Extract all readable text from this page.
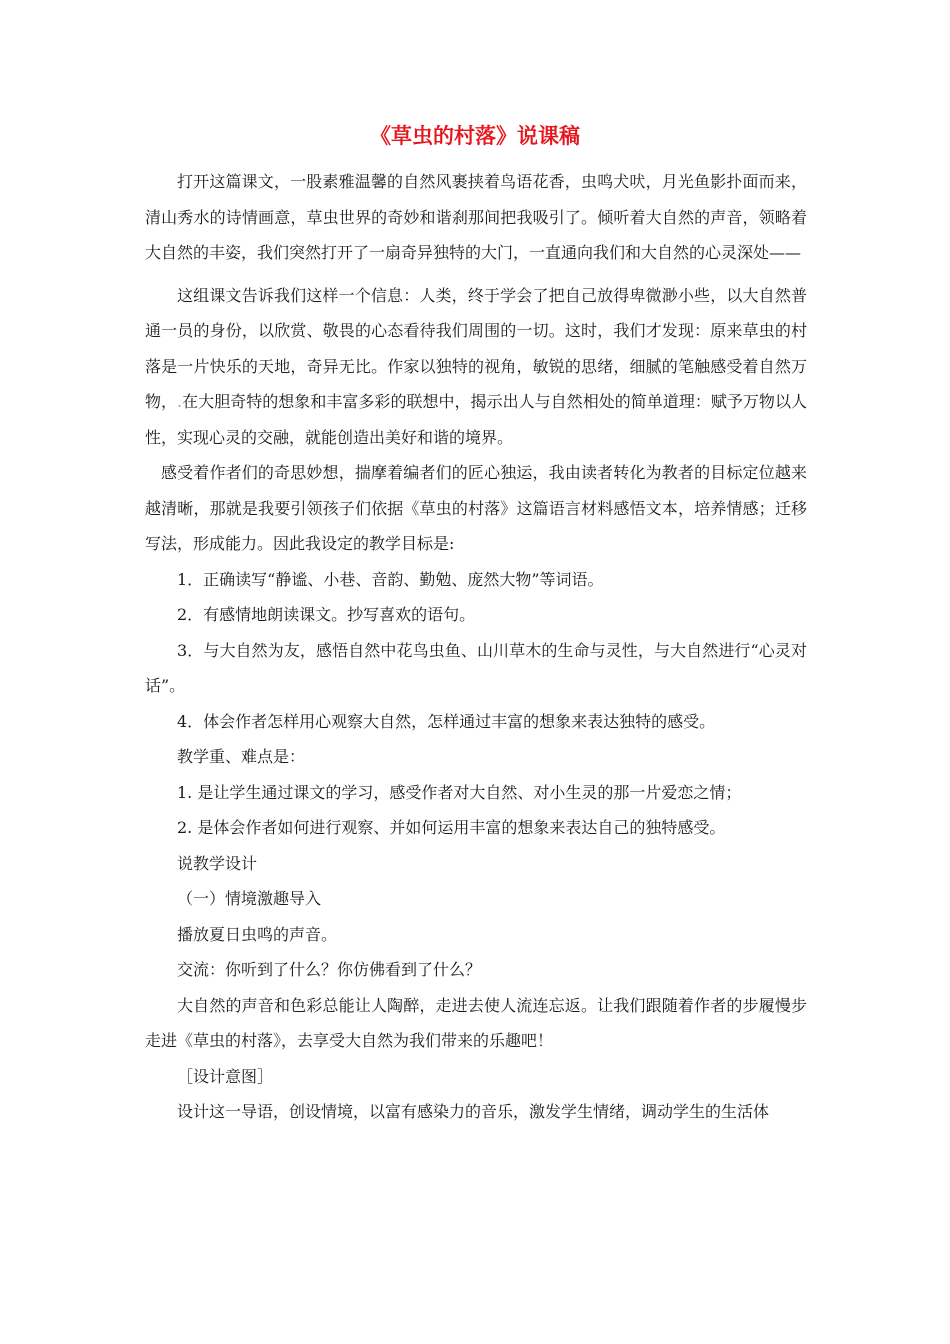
《草虫的村落》说课稿

打开这篇课文，一股素雅温馨的自然风裹挟着鸟语花香，虫鸣犬吠，月光鱼影扑面而来，清山秀水的诗情画意，草虫世界的奇妙和谐刹那间把我吸引了。倾听着大自然的声音，领略着大自然的丰姿，我们突然打开了一扇奇异独特的大门，一直通向我们和大自然的心灵深处——

这组课文告诉我们这样一个信息：人类，终于学会了把自己放得卑微渺小些，以大自然普通一员的身份，以欣赏、敬畏的心态看待我们周围的一切。这时，我们才发现：原来草虫的村落是一片快乐的天地，奇异无比。作家以独特的视角，敏锐的思绪，细腻的笔触感受着自然万物，.在大胆奇特的想象和丰富多彩的联想中，揭示出人与自然相处的简单道理：赋予万物以人性，实现心灵的交融，就能创造出美好和谐的境界。

感受着作者们的奇思妙想，揣摩着编者们的匠心独运，我由读者转化为教者的目标定位越来越清晰，那就是我要引领孩子们依据《草虫的村落》这篇语言材料感悟文本，培养情感；迁移写法，形成能力。因此我设定的教学目标是:

1．正确读写“静谧、小巷、音韵、勤勉、庞然大物”等词语。

2．有感情地朗读课文。抄写喜欢的语句。

3．与大自然为友，感悟自然中花鸟虫鱼、山川草木的生命与灵性，与大自然进行“心灵对话”。

4．体会作者怎样用心观察大自然，怎样通过丰富的想象来表达独特的感受。

教学重、难点是：

1. 是让学生通过课文的学习，感受作者对大自然、对小生灵的那一片爱恋之情；

2. 是体会作者如何进行观察、并如何运用丰富的想象来表达自己的独特感受。

说教学设计

（一）情境激趣导入

播放夏日虫鸣的声音。

交流：你听到了什么？你仿佛看到了什么？

大自然的声音和色彩总能让人陶醉，走进去使人流连忘返。让我们跟随着作者的步履慢步走进《草虫的村落》，去享受大自然为我们带来的乐趣吧！

［设计意图］

设计这一导语，创设情境，以富有感染力的音乐，激发学生情绪，调动学生的生活体
